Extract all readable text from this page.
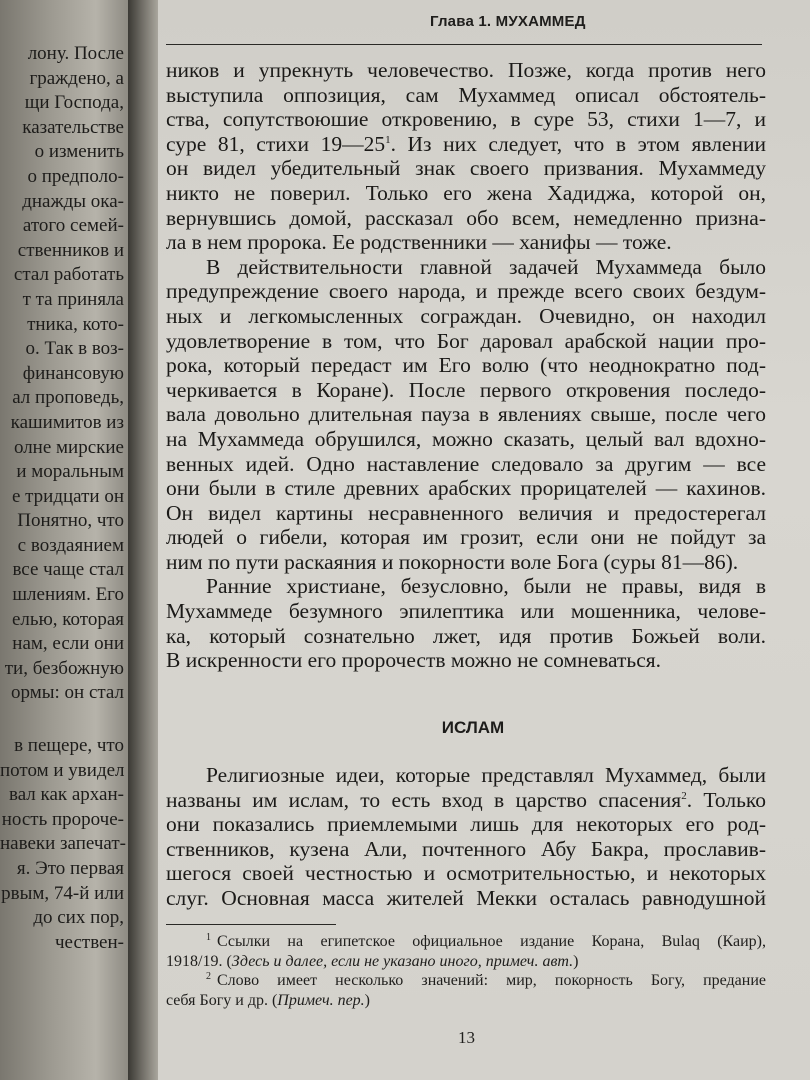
лону. После
граждено, а
щи Господа,
казательстве
о изменить
о предполо-
днажды ока-
атого семей-
ственников и
стал работать
т та приняла
тника, кото-
о. Так в воз-
финансовую
ал проповедь,
кашимитов из
олне мирские
и моральным
е тридцати он
Понятно, что
с воздаянием
все чаще стал
шлениям. Его
елью, которая
нам, если они
ти, безбожную
ормы: он стал
в пещере, что
потом и увидел
вал как архан-
ность пророче-
навеки запечат-
я. Это первая
рвым, 74-й или
до сих пор,
чествен-
Глава 1. МУХАММЕД
ников и упрекнуть человечество. Позже, когда против него
выступила оппозиция, сам Мухаммед описал обстоятель-
ства, сопутствоюшие откровению, в суре 53, стихи 1—7, и
суре 81, стихи $19—25^1$. Из них следует, что в этом явлении
он видел убедительный знак своего призвания. Мухаммеду
никто не поверил. Только его жена Хадиджа, которой он,
вернувшись домой, рассказал обо всем, немедленно призна-
ла в нем пророка. Ее родственники — ханифы — тоже.
В действительности главной задачей Мухаммеда было
предупреждение своего народа, и прежде всего своих бездум-
ных и легкомысленных сограждан. Очевидно, он находил
удовлетворение в том, что Бог даровал арабской нации про-
рока, который передаст им Его волю (что неоднократно под-
черкивается в Коране). После первого откровения последо-
вала довольно длительная пауза в явлениях свыше, после чего
на Мухаммеда обрушился, можно сказать, целый вал вдохно-
венных идей. Одно наставление следовало за другим — все
они были в стиле древних арабских прорицателей — кахинов.
Он видел картины несравненного величия и предостерегал
людей о гибели, которая им грозит, если они не пойдут за
ним по пути раскаяния и покорности воле Бога (суры 81—86).
Ранние христиане, безусловно, были не правы, видя в
Мухаммеде безумного эпилептика или мошенника, челове-
ка, который сознательно лжет, идя против Божьей воли.
В искренности его пророчеств можно не сомневаться.
ИСЛАМ
Религиозные идеи, которые представлял Мухаммед, были
названы им ислам, то есть вход в царство спасения$^2$. Только
они показались приемлемыми лишь для некоторых его род-
ственников, кузена Али, почтенного Абу Бакра, прославив-
шегося своей честностью и осмотрительностью, и некоторых
слуг. Основная масса жителей Мекки осталась равнодушной
$^1$ Ссылки на египетское официальное издание Корана, Bulaq (Каир),
1918/19. (Здесь и далее, если не указано иного, примеч. авт.)
$^2$ Слово имеет несколько значений: мир, покорность Богу, предание
себя Богу и др. (Примеч. пер.)
13
